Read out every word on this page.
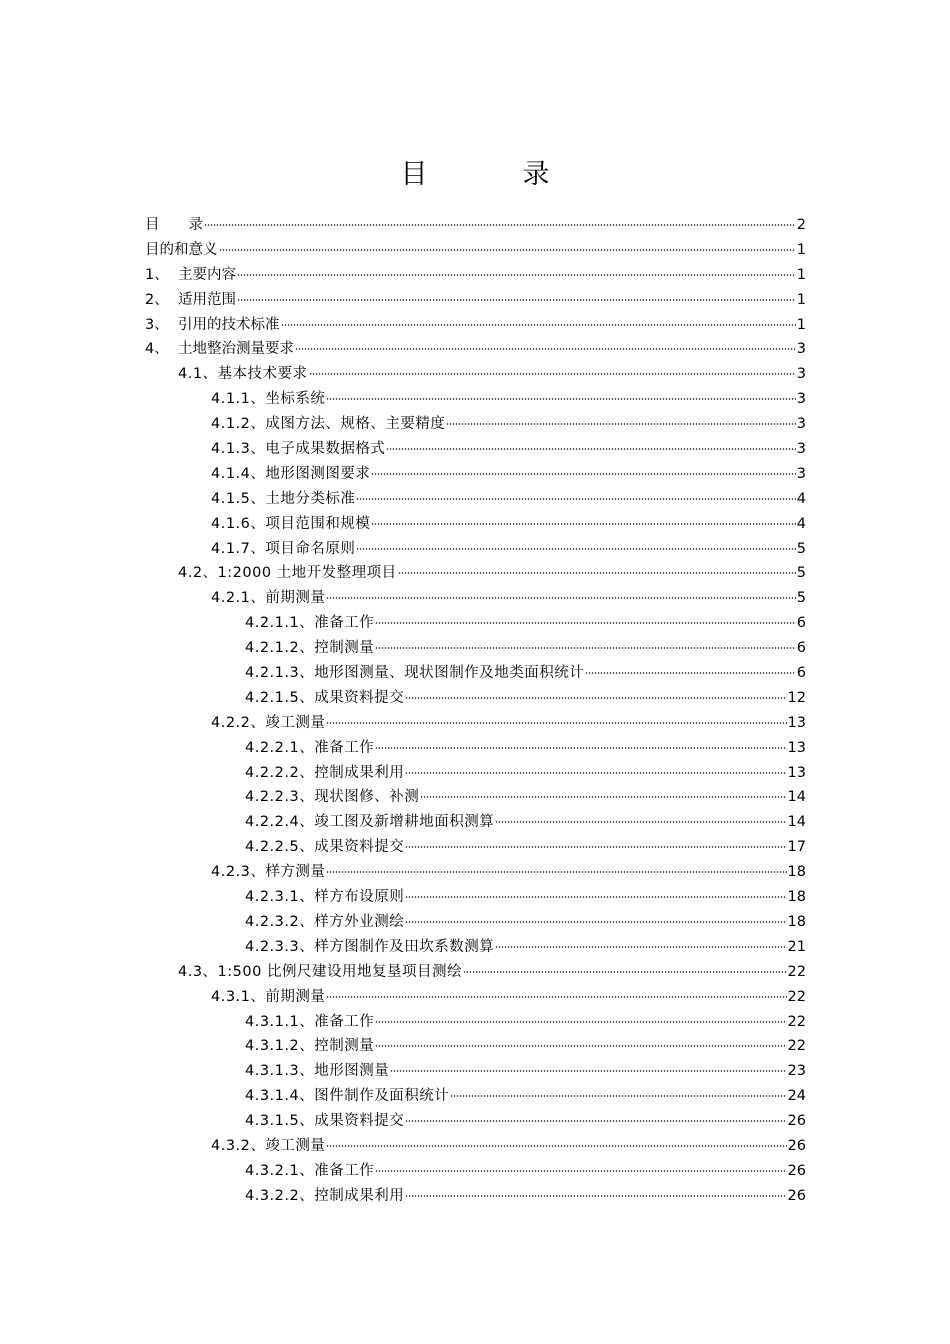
目　录
目　　录	2
目的和意义	1
1、 主要内容	1
2、 适用范围	1
3、 引用的技术标准	1
4、 土地整治测量要求	3
4.1、基本技术要求	3
4.1.1、坐标系统	3
4.1.2、成图方法、规格、主要精度	3
4.1.3、电子成果数据格式	3
4.1.4、地形图测图要求	3
4.1.5、土地分类标准	4
4.1.6、项目范围和规模	4
4.1.7、项目命名原则	5
4.2、1:2000 土地开发整理项目	5
4.2.1、前期测量	5
4.2.1.1、准备工作	6
4.2.1.2、控制测量	6
4.2.1.3、地形图测量、现状图制作及地类面积统计	6
4.2.1.5、成果资料提交	12
4.2.2、竣工测量	13
4.2.2.1、准备工作	13
4.2.2.2、控制成果利用	13
4.2.2.3、现状图修、补测	14
4.2.2.4、竣工图及新增耕地面积测算	14
4.2.2.5、成果资料提交	17
4.2.3、样方测量	18
4.2.3.1、样方布设原则	18
4.2.3.2、样方外业测绘	18
4.2.3.3、样方图制作及田坎系数测算	21
4.3、1:500 比例尺建设用地复垦项目测绘	22
4.3.1、前期测量	22
4.3.1.1、准备工作	22
4.3.1.2、控制测量	22
4.3.1.3、地形图测量	23
4.3.1.4、图件制作及面积统计	24
4.3.1.5、成果资料提交	26
4.3.2、竣工测量	26
4.3.2.1、准备工作	26
4.3.2.2、控制成果利用	26
